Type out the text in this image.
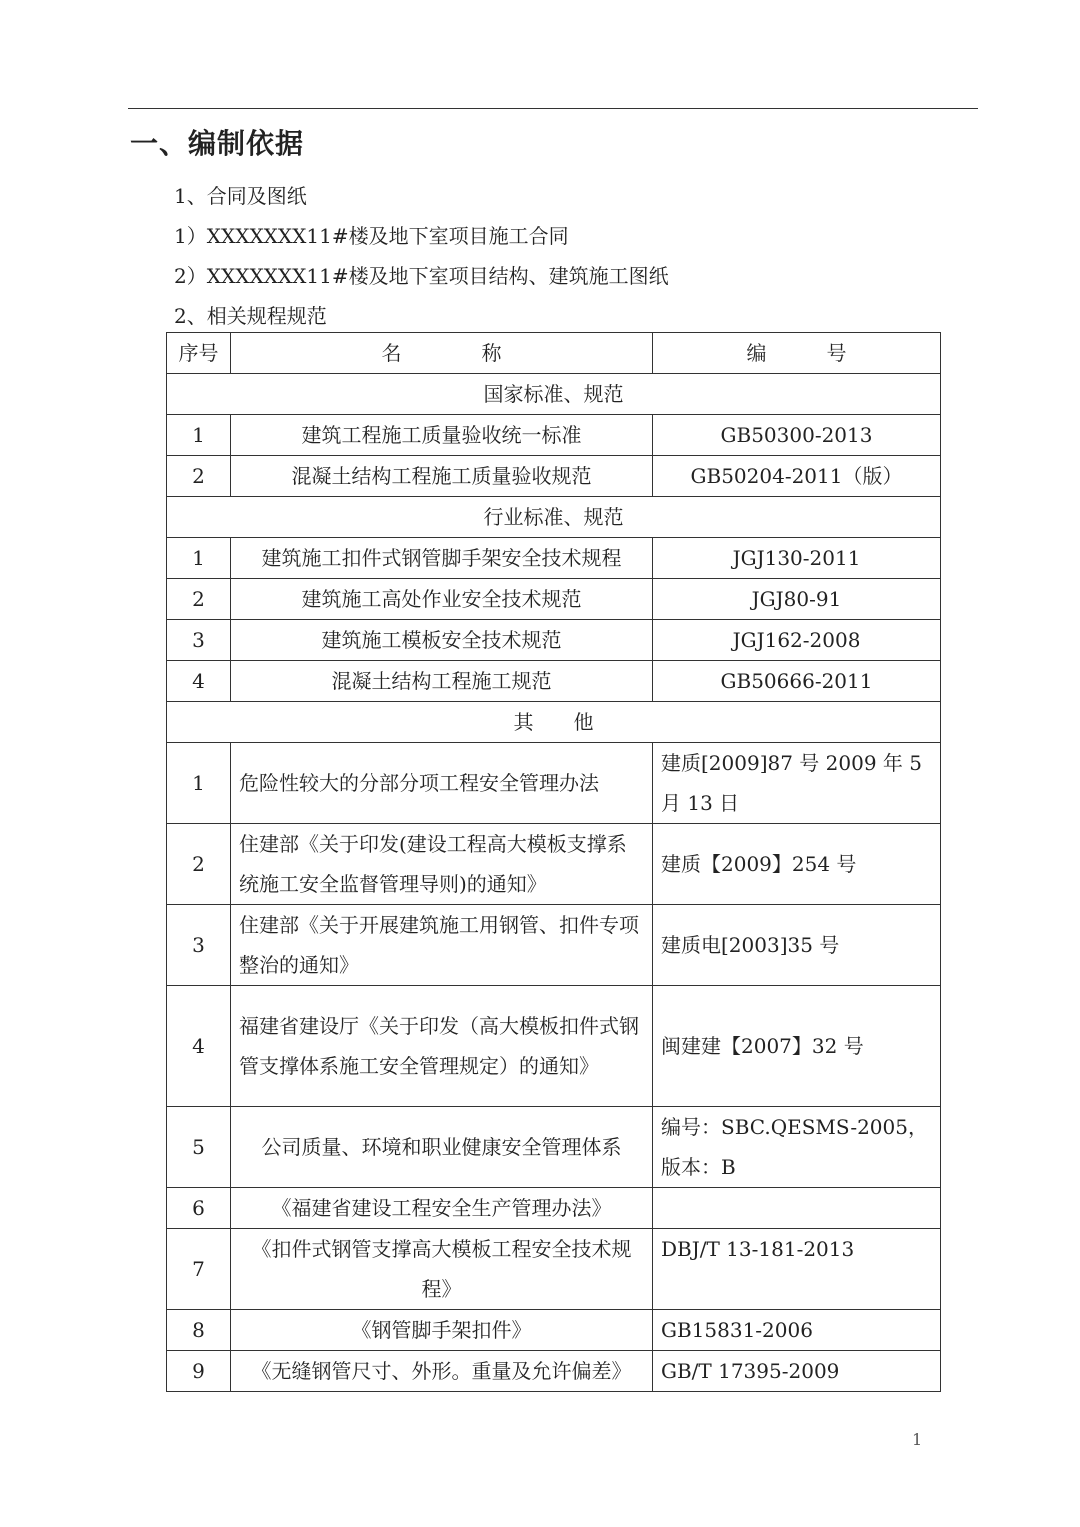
一、编制依据
1、合同及图纸
1）XXXXXXX11#楼及地下室项目施工合同
2）XXXXXXX11#楼及地下室项目结构、建筑施工图纸
2、相关规程规范
序号	名　　　　称	编　　　号
国家标准、规范		
1	建筑工程施工质量验收统一标准	GB50300-2013
2	混凝土结构工程施工质量验收规范	GB50204-2011（版）
行业标准、规范		
1	建筑施工扣件式钢管脚手架安全技术规程	JGJ130-2011
2	建筑施工高处作业安全技术规范	JGJ80-91
3	建筑施工模板安全技术规范	JGJ162-2008
4	混凝土结构工程施工规范	GB50666-2011
其　　他		
1	危险性较大的分部分项工程安全管理办法	建质[2009]87 号 2009 年 5 月 13 日
2	住建部《关于印发(建设工程高大模板支撑系统施工安全监督管理导则)的通知》	建质【2009】254 号
3	住建部《关于开展建筑施工用钢管、扣件专项整治的通知》	建质电[2003]35 号
4	福建省建设厅《关于印发（高大模板扣件式钢管支撑体系施工安全管理规定）的通知》	闽建建【2007】32 号
5	公司质量、环境和职业健康安全管理体系	编号：SBC.QESMS-2005，版本：B
6	《福建省建设工程安全生产管理办法》	
7	《扣件式钢管支撑高大模板工程安全技术规程》	DBJ/T 13-181-2013
8	《钢管脚手架扣件》	GB15831-2006
9	《无缝钢管尺寸、外形。重量及允许偏差》	GB/T 17395-2009
1
